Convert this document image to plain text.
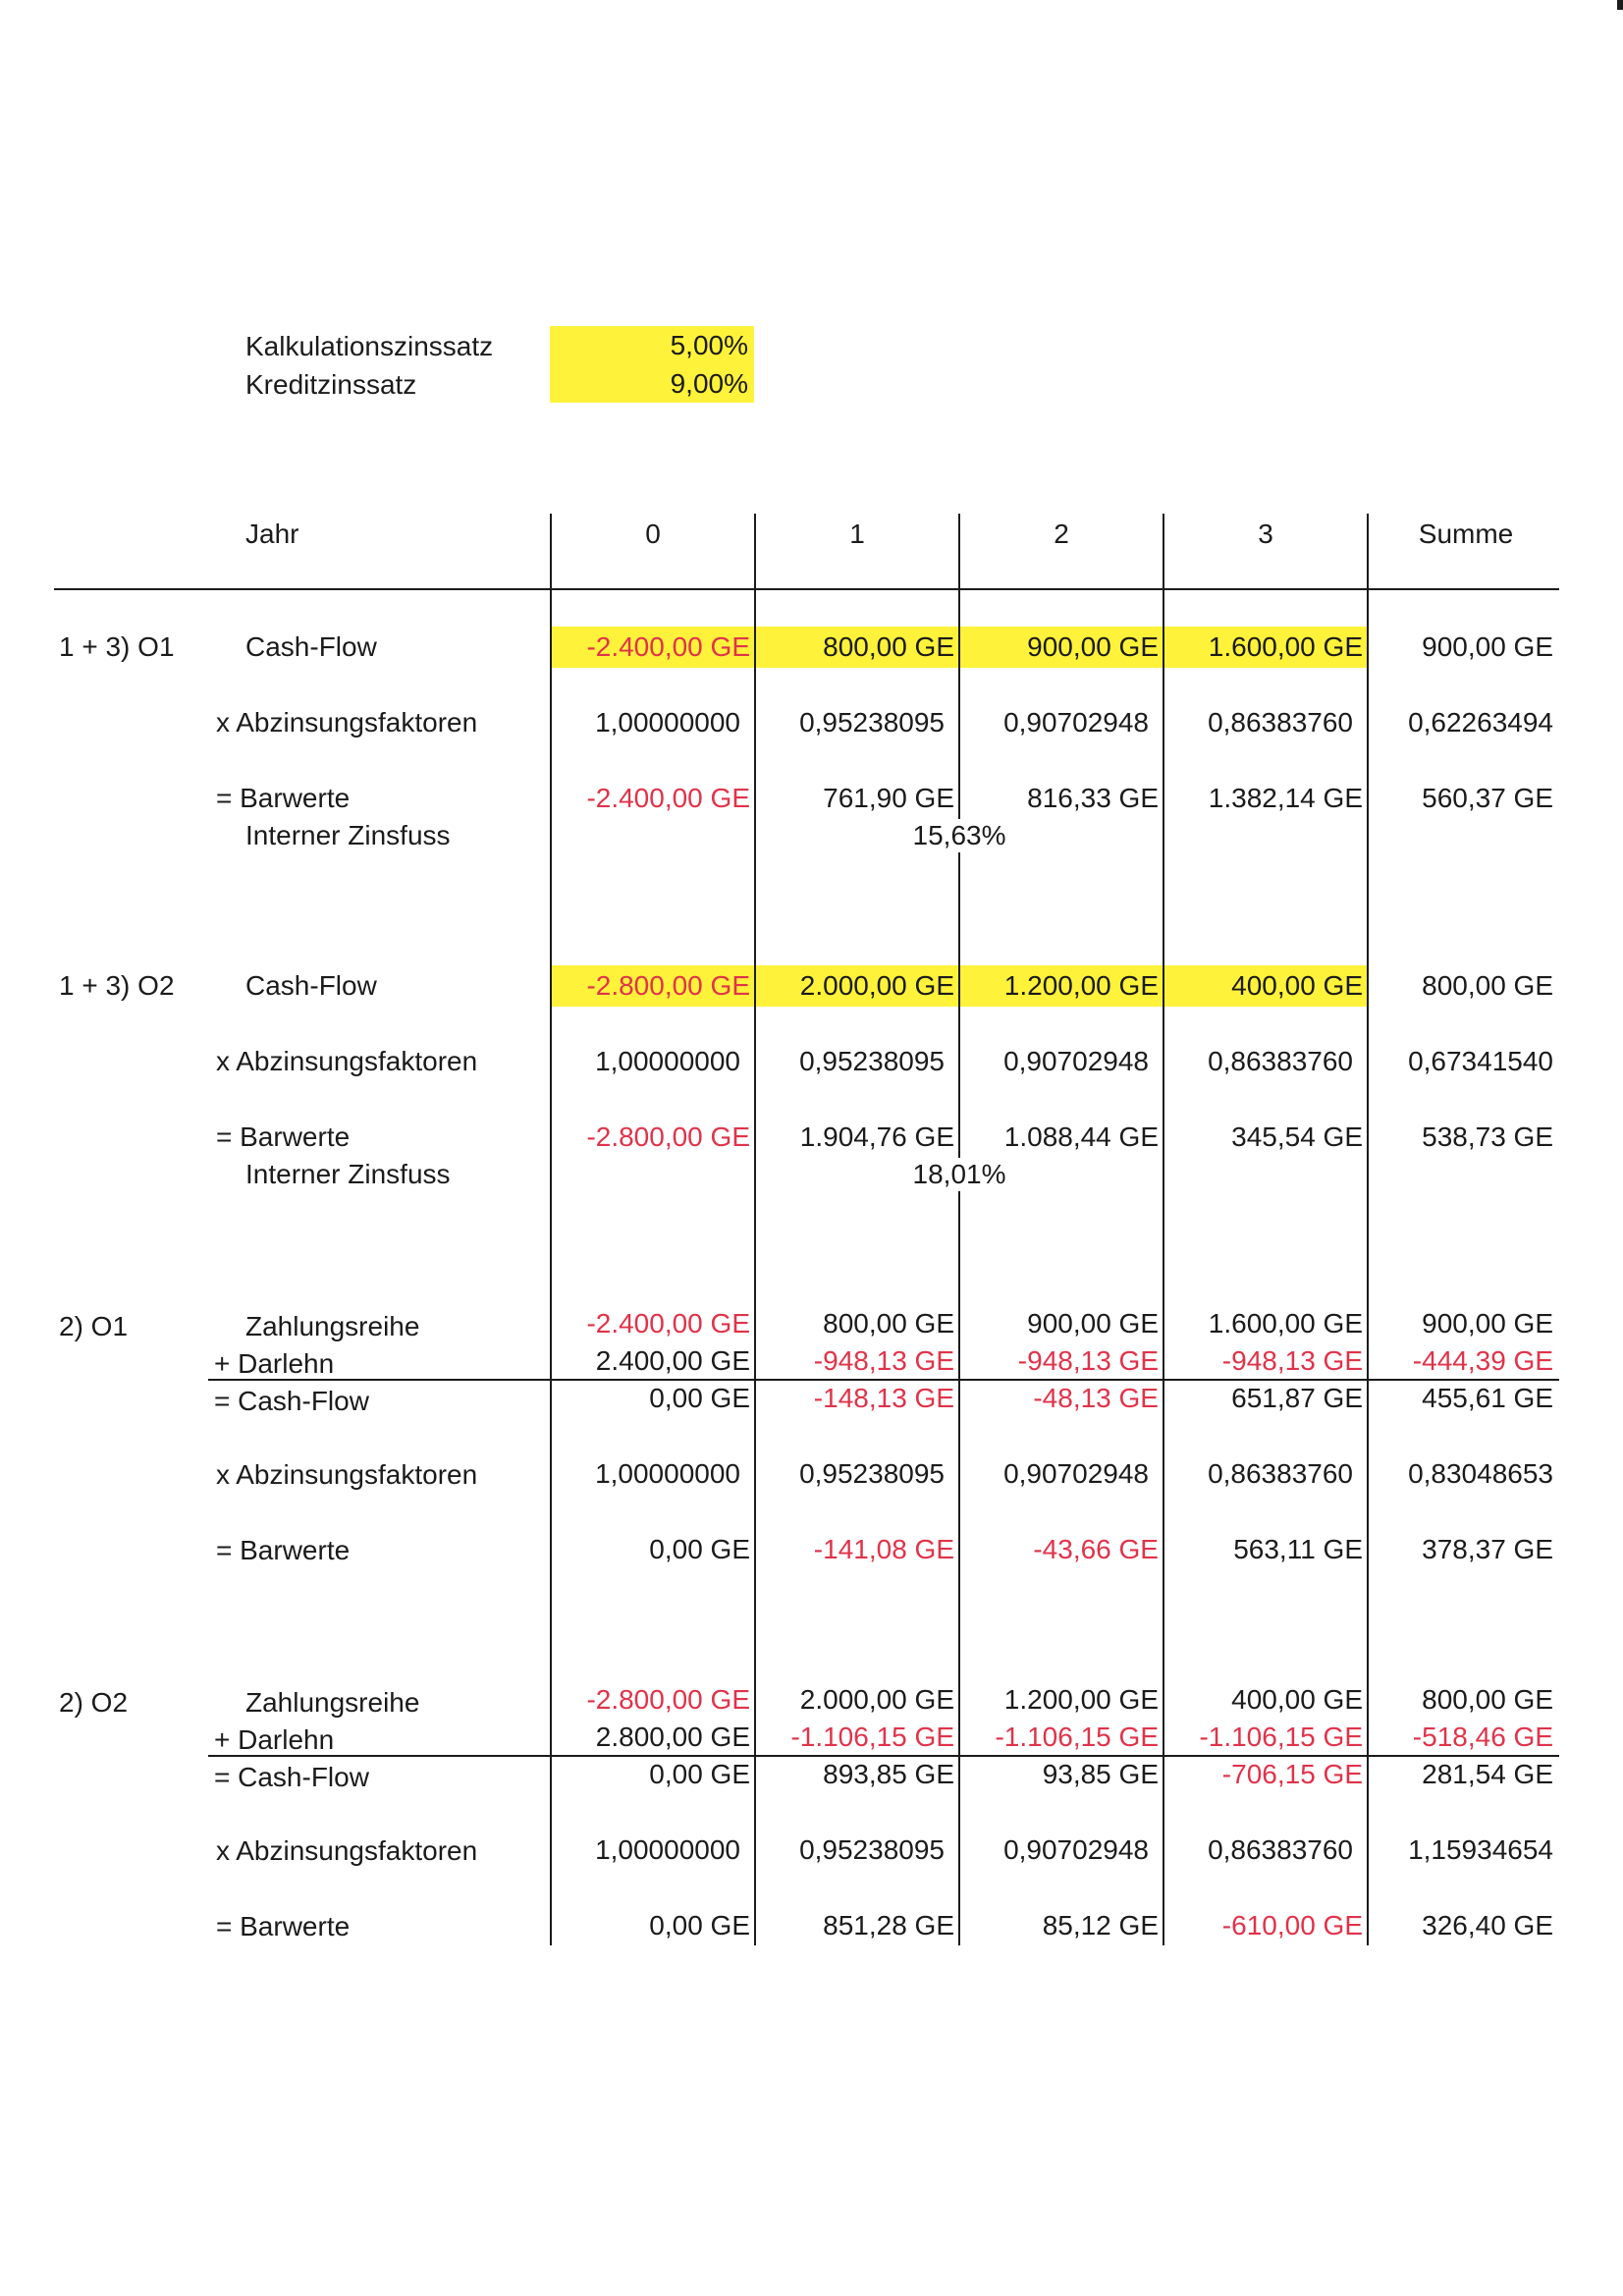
Kalkulationszinssatz	5,00%
Kreditzinssatz	9,00%
Jahr	0	1	2	3	Summe
1 + 3) O1	Cash-Flow	-2.400,00 GE	800,00 GE	900,00 GE	1.600,00 GE	900,00 GE
x Abzinsungsfaktoren	1,00000000	0,95238095	0,90702948	0,86383760	0,62263494
= Barwerte	-2.400,00 GE	761,90 GE	816,33 GE	1.382,14 GE	560,37 GE
Interner Zinsfuss	15,63%
1 + 3) O2	Cash-Flow	-2.800,00 GE	2.000,00 GE	1.200,00 GE	400,00 GE	800,00 GE
x Abzinsungsfaktoren	1,00000000	0,95238095	0,90702948	0,86383760	0,67341540
= Barwerte	-2.800,00 GE	1.904,76 GE	1.088,44 GE	345,54 GE	538,73 GE
Interner Zinsfuss	18,01%
2) O1	Zahlungsreihe	-2.400,00 GE	800,00 GE	900,00 GE	1.600,00 GE	900,00 GE
+ Darlehn	2.400,00 GE	-948,13 GE	-948,13 GE	-948,13 GE	-444,39 GE
= Cash-Flow	0,00 GE	-148,13 GE	-48,13 GE	651,87 GE	455,61 GE
x Abzinsungsfaktoren	1,00000000	0,95238095	0,90702948	0,86383760	0,83048653
= Barwerte	0,00 GE	-141,08 GE	-43,66 GE	563,11 GE	378,37 GE
2) O2	Zahlungsreihe	-2.800,00 GE	2.000,00 GE	1.200,00 GE	400,00 GE	800,00 GE
+ Darlehn	2.800,00 GE	-1.106,15 GE	-1.106,15 GE	-1.106,15 GE	-518,46 GE
= Cash-Flow	0,00 GE	893,85 GE	93,85 GE	-706,15 GE	281,54 GE
x Abzinsungsfaktoren	1,00000000	0,95238095	0,90702948	0,86383760	1,15934654
= Barwerte	0,00 GE	851,28 GE	85,12 GE	-610,00 GE	326,40 GE
